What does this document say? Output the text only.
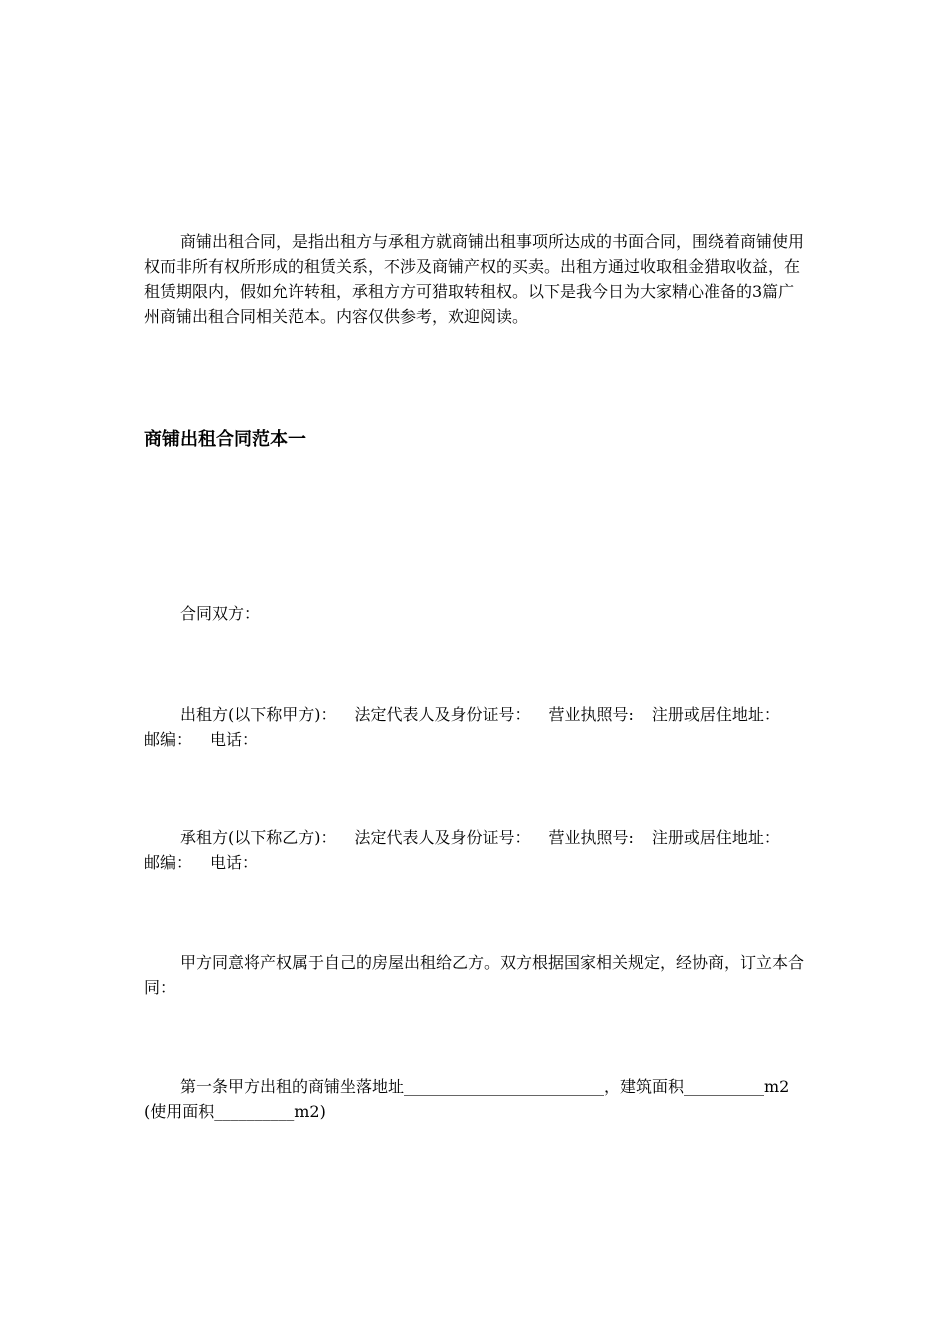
商铺出租合同，是指出租方与承租方就商铺出租事项所达成的书面合同，围绕着商铺使用权而非所有权所形成的租赁关系，不涉及商铺产权的买卖。出租方通过收取租金猎取收益，在租赁期限内，假如允许转租，承租方方可猎取转租权。以下是我今日为大家精心准备的3篇广州商铺出租合同相关范本。内容仅供参考，欢迎阅读。
商铺出租合同范本一
合同双方：
出租方(以下称甲方)： 法定代表人及身份证号： 营业执照号: 注册或居住地址：邮编： 电话：
承租方(以下称乙方)： 法定代表人及身份证号： 营业执照号: 注册或居住地址：邮编： 电话：
甲方同意将产权属于自己的房屋出租给乙方。双方根据国家相关规定，经协商，订立本合同：
第一条甲方出租的商铺坐落地址_________________________，建筑面积__________m2(使用面积__________m2)
